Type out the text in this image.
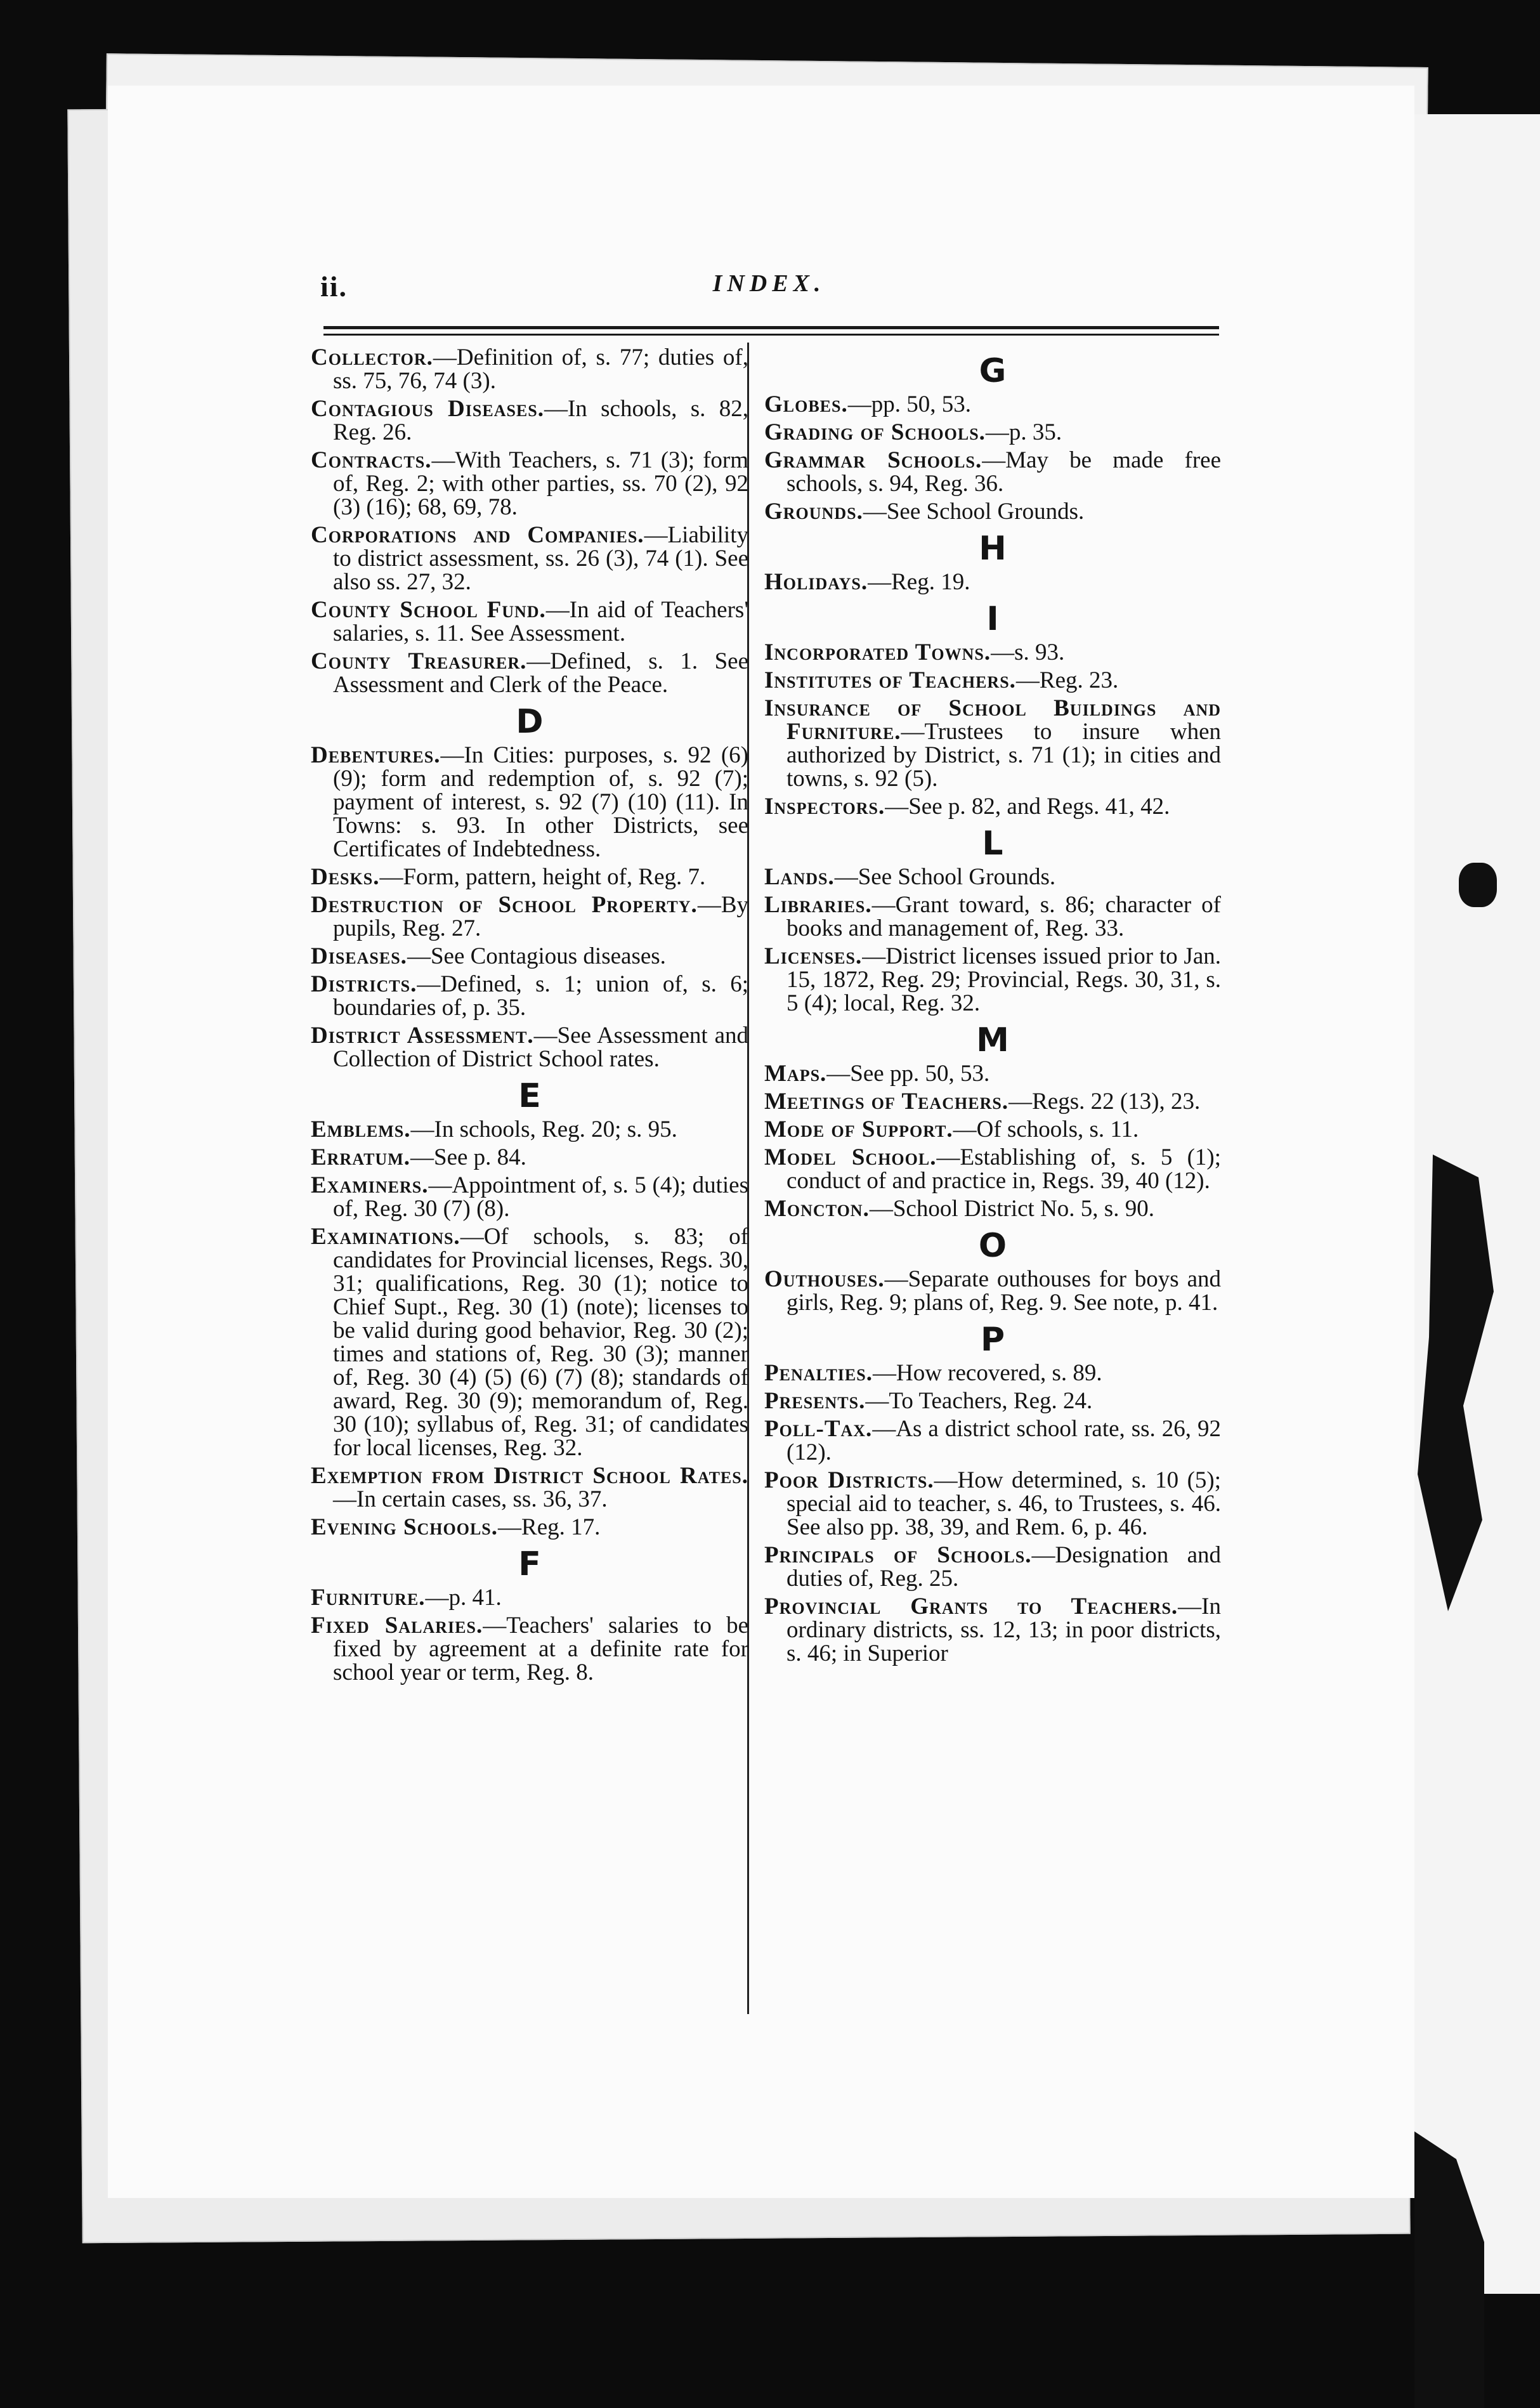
ii.	INDEX.
Collector.—Definition of, s. 77; duties of, ss. 75, 76, 74 (3).
Contagious Diseases.—In schools, s. 82, Reg. 26.
Contracts.—With Teachers, s. 71 (3); form of, Reg. 2; with other parties, ss. 70 (2), 92 (3) (16); 68, 69, 78.
Corporations and Companies.—Liability to district assessment, ss. 26 (3), 74 (1). See also ss. 27, 32.
County School Fund.—In aid of Teachers' salaries, s. 11. See Assessment.
County Treasurer.—Defined, s. 1. See Assessment and Clerk of the Peace.
D
Debentures.—In Cities: purposes, s. 92 (6) (9); form and redemption of, s. 92 (7); payment of interest, s. 92 (7) (10) (11). In Towns: s. 93. In other Districts, see Certificates of Indebtedness.
Desks.—Form, pattern, height of, Reg. 7.
Destruction of School Property.—By pupils, Reg. 27.
Diseases.—See Contagious diseases.
Districts.—Defined, s. 1; union of, s. 6; boundaries of, p. 35.
District Assessment.—See Assessment and Collection of District School rates.
E
Emblems.—In schools, Reg. 20; s. 95.
Erratum.—See p. 84.
Examiners.—Appointment of, s. 5 (4); duties of, Reg. 30 (7) (8).
Examinations.—Of schools, s. 83; of candidates for Provincial licenses, Regs. 30, 31; qualifications, Reg. 30 (1); notice to Chief Supt., Reg. 30 (1) (note); licenses to be valid during good behavior, Reg. 30 (2); times and stations of, Reg. 30 (3); manner of, Reg. 30 (4) (5) (6) (7) (8); standards of award, Reg. 30 (9); memorandum of, Reg. 30 (10); syllabus of, Reg. 31; of candidates for local licenses, Reg. 32.
Exemption from District School Rates.—In certain cases, ss. 36, 37.
Evening Schools.—Reg. 17.
F
Furniture.—p. 41.
Fixed Salaries.—Teachers' salaries to be fixed by agreement at a definite rate for school year or term, Reg. 8.
G
Globes.—pp. 50, 53.
Grading of Schools.—p. 35.
Grammar Schools.—May be made free schools, s. 94, Reg. 36.
Grounds.—See School Grounds.
H
Holidays.—Reg. 19.
I
Incorporated Towns.—s. 93.
Institutes of Teachers.—Reg. 23.
Insurance of School Buildings and Furniture.—Trustees to insure when authorized by District, s. 71 (1); in cities and towns, s. 92 (5).
Inspectors.—See p. 82, and Regs. 41, 42.
L
Lands.—See School Grounds.
Libraries.—Grant toward, s. 86; character of books and management of, Reg. 33.
Licenses.—District licenses issued prior to Jan. 15, 1872, Reg. 29; Provincial, Regs. 30, 31, s. 5 (4); local, Reg. 32.
M
Maps.—See pp. 50, 53.
Meetings of Teachers.—Regs. 22 (13), 23.
Mode of Support.—Of schools, s. 11.
Model School.—Establishing of, s. 5 (1); conduct of and practice in, Regs. 39, 40 (12).
Moncton.—School District No. 5, s. 90.
O
Outhouses.—Separate outhouses for boys and girls, Reg. 9; plans of, Reg. 9. See note, p. 41.
P
Penalties.—How recovered, s. 89.
Presents.—To Teachers, Reg. 24.
Poll-Tax.—As a district school rate, ss. 26, 92 (12).
Poor Districts.—How determined, s. 10 (5); special aid to teacher, s. 46, to Trustees, s. 46. See also pp. 38, 39, and Rem. 6, p. 46.
Principals of Schools.—Designation and duties of, Reg. 25.
Provincial Grants to Teachers.—In ordinary districts, ss. 12, 13; in poor districts, s. 46; in Superior
